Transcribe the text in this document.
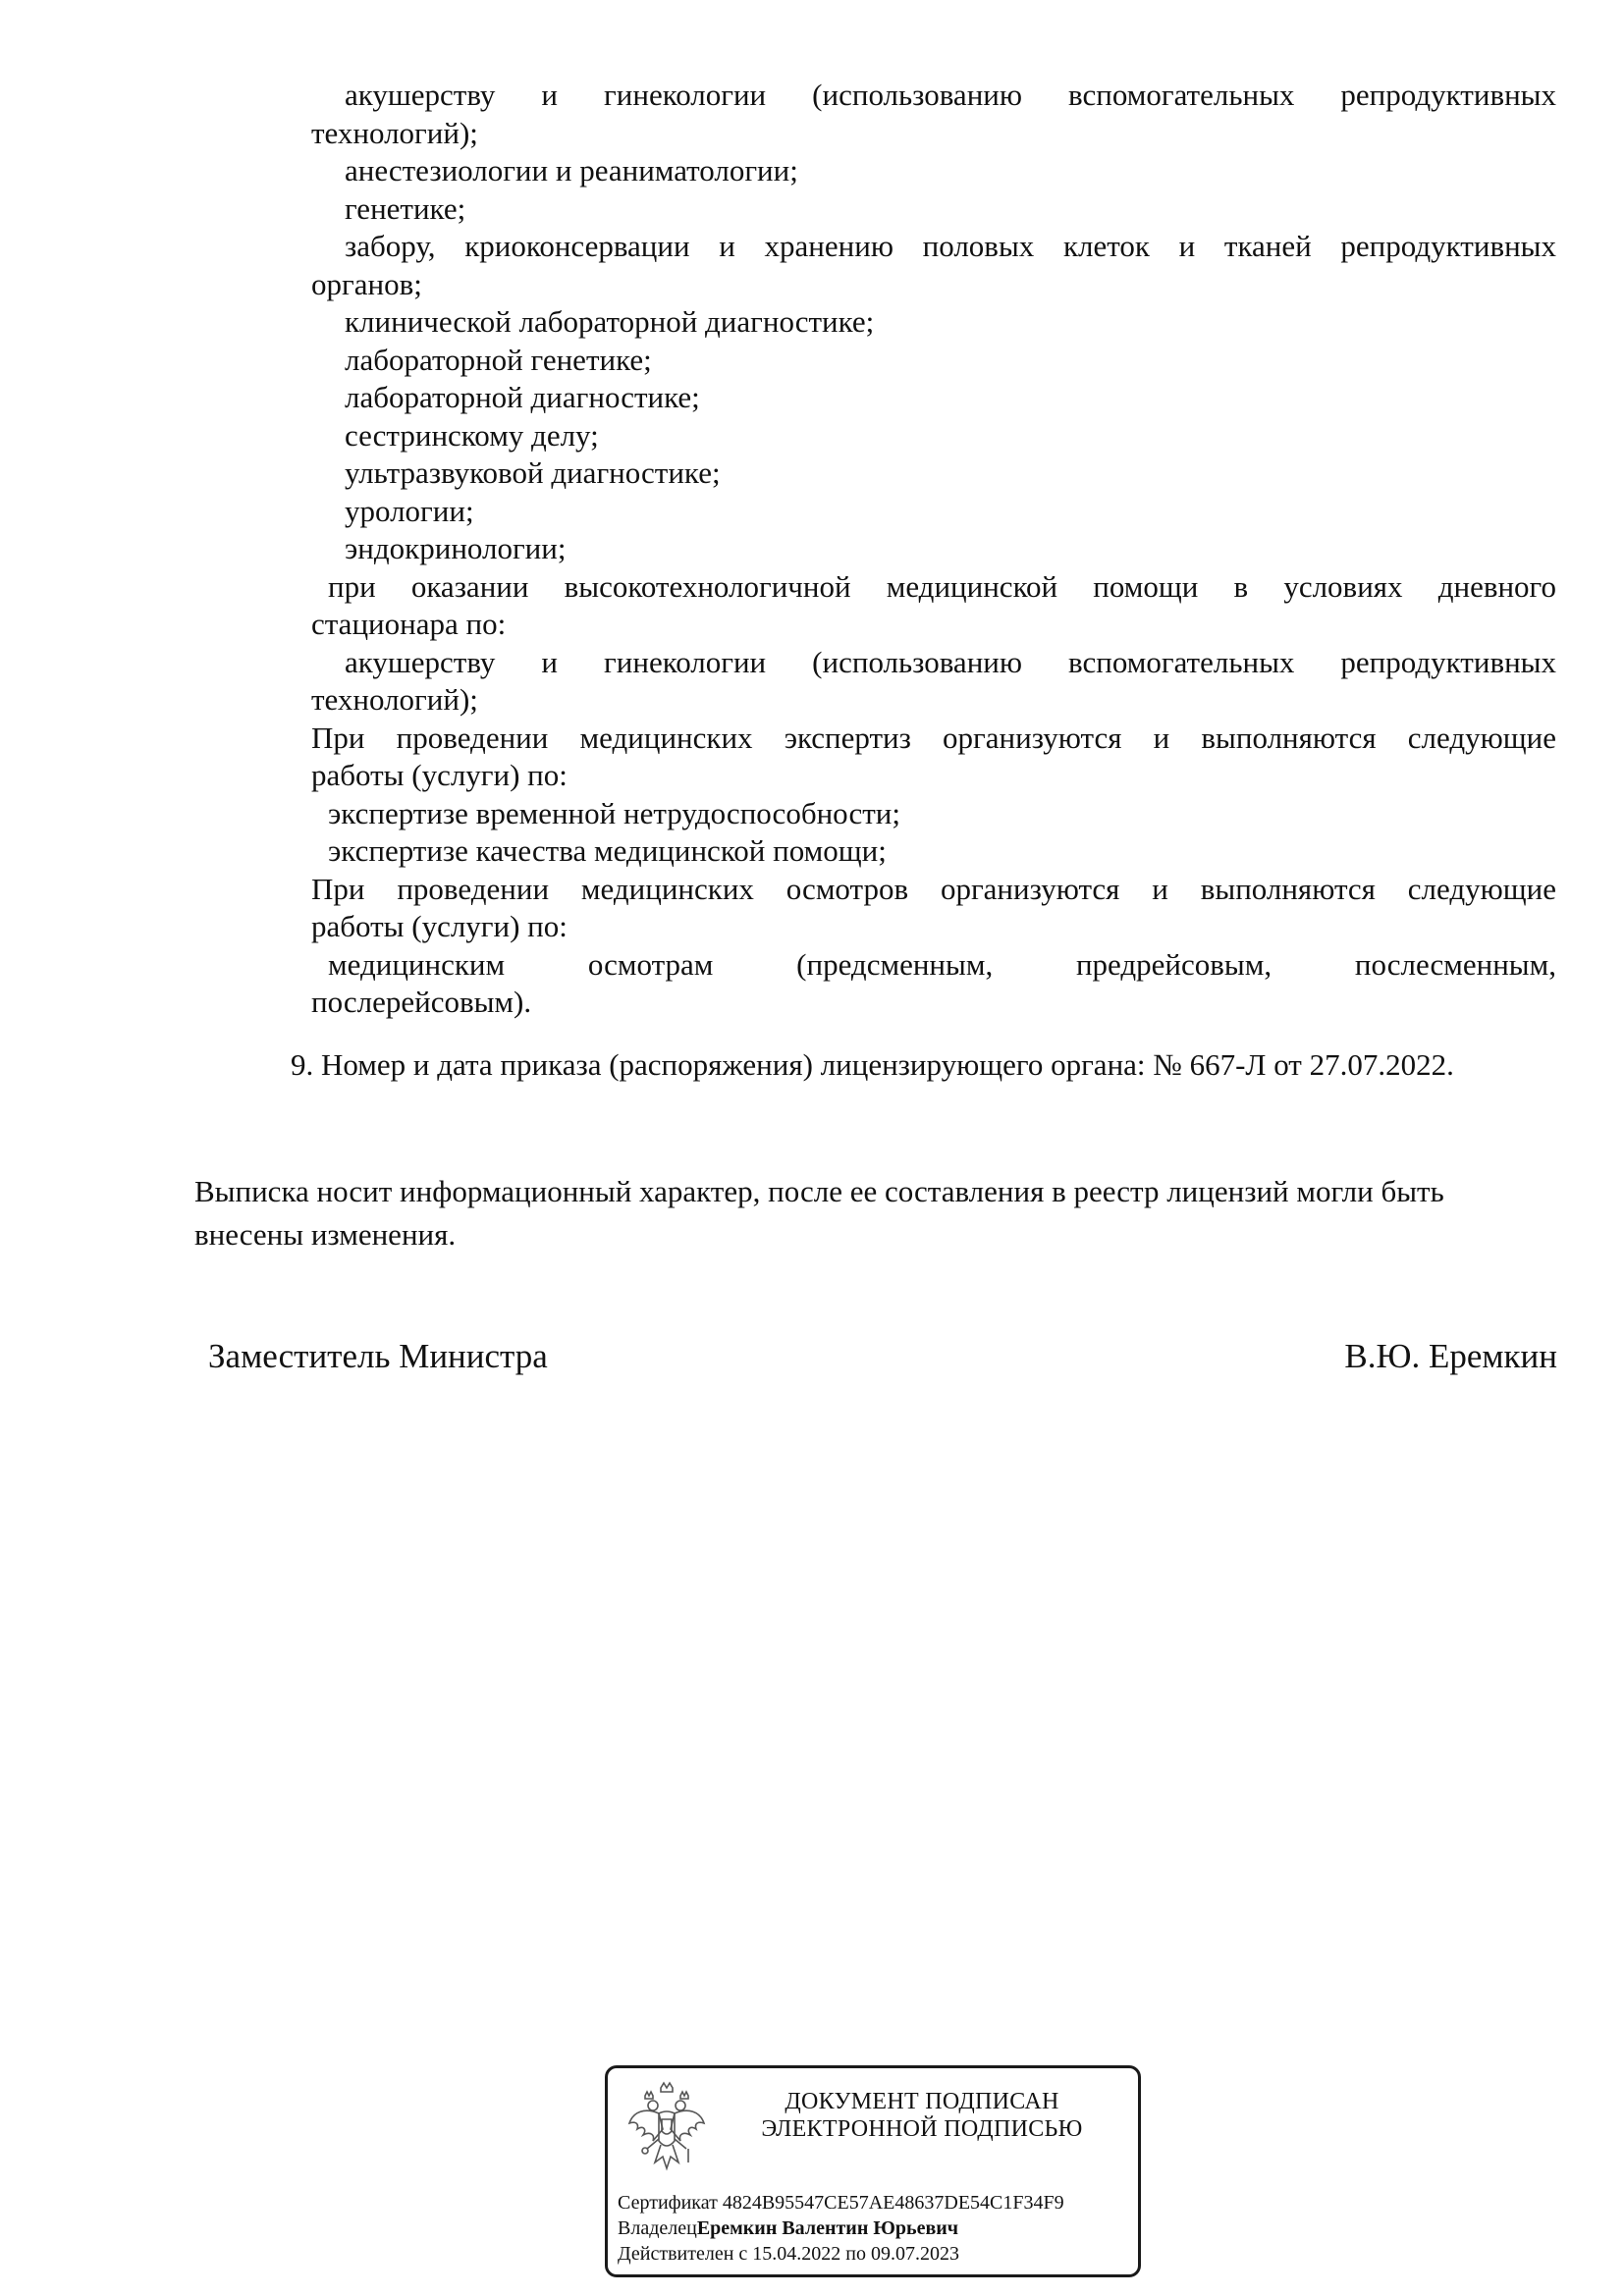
акушерству и гинекологии (использованию вспомогательных репродуктивных
технологий);
анестезиологии и реаниматологии;
генетике;
забору, криоконсервации и хранению половых клеток и тканей репродуктивных
органов;
клинической лабораторной диагностике;
лабораторной генетике;
лабораторной диагностике;
сестринскому делу;
ультразвуковой диагностике;
урологии;
эндокринологии;
при оказании высокотехнологичной медицинской помощи в условиях дневного
стационара по:
акушерству и гинекологии (использованию вспомогательных репродуктивных
технологий);
При проведении медицинских экспертиз организуются и выполняются следующие
работы (услуги) по:
экспертизе временной нетрудоспособности;
экспертизе качества медицинской помощи;
При проведении медицинских осмотров организуются и выполняются следующие
работы (услуги) по:
медицинским осмотрам (предсменным, предрейсовым, послесменным,
послерейсовым).
9. Номер и дата приказа (распоряжения) лицензирующего органа: № 667-Л от 27.07.2022.
Выписка носит информационный характер, после ее составления в реестр лицензий могли быть
внесены изменения.
Заместитель Министра	В.Ю. Еремкин
ДОКУМЕНТ ПОДПИСАН
ЭЛЕКТРОННОЙ ПОДПИСЬЮ
Сертификат 4824B95547CE57AE48637DE54C1F34F9
ВладелецЕремкин Валентин Юрьевич
Действителен с 15.04.2022 по 09.07.2023
